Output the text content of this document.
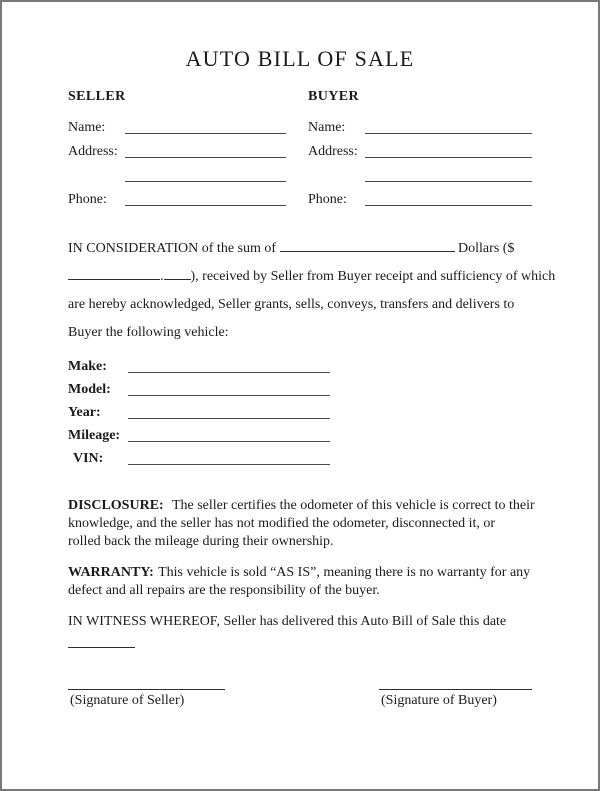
AUTO BILL OF SALE
SELLER
Name:
Address:
Phone:
BUYER
Name:
Address:
Phone:
IN CONSIDERATION of the sum of	Dollars ($
. ), received by Seller from Buyer receipt and sufficiency of which
are hereby acknowledged, Seller grants, sells, conveys, transfers and delivers to
Buyer the following vehicle:
Make:
Model:
Year:
Mileage:
VIN:

DISCLOSURE: The seller certifies the odometer of this vehicle is correct to their
knowledge, and the seller has not modified the odometer, disconnected it, or
rolled back the mileage during their ownership.

WARRANTY: This vehicle is sold “AS IS”, meaning there is no warranty for any
defect and all repairs are the responsibility of the buyer.

IN WITNESS WHEREOF, Seller has delivered this Auto Bill of Sale this date

(Signature of Seller)	(Signature of Buyer)
